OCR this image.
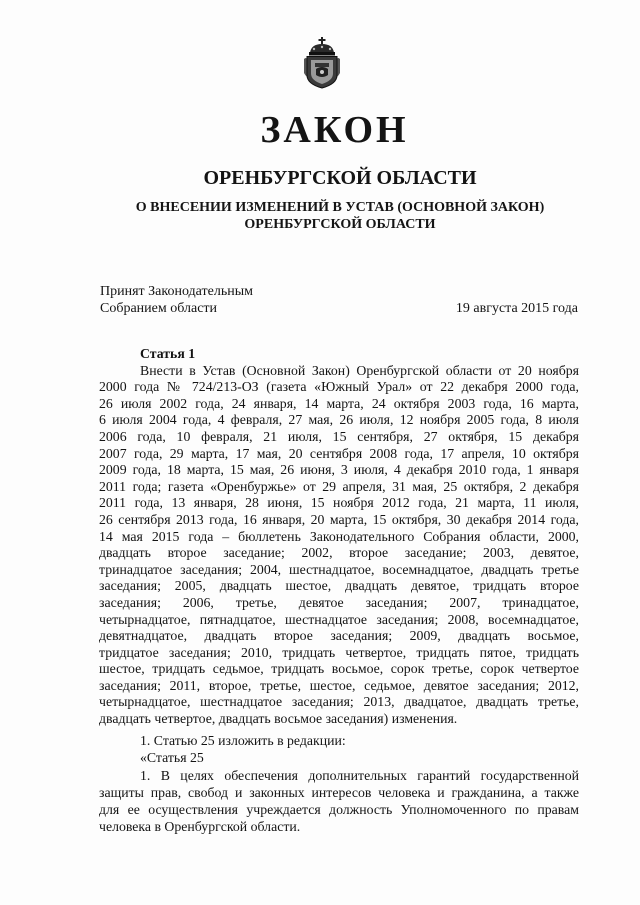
ЗАКОН
ОРЕНБУРГСКОЙ ОБЛАСТИ
О ВНЕСЕНИИ ИЗМЕНЕНИЙ В УСТАВ (ОСНОВНОЙ ЗАКОН)
ОРЕНБУРГСКОЙ ОБЛАСТИ
Принят Законодательным
Собранием области	19 августа 2015 года
Статья 1
Внести в Устав (Основной Закон) Оренбургской области от 20 ноября
2000 года № 724/213-ОЗ (газета «Южный Урал» от 22 декабря 2000 года,
26 июля 2002 года, 24 января, 14 марта, 24 октября 2003 года, 16 марта,
6 июля 2004 года, 4 февраля, 27 мая, 26 июля, 12 ноября 2005 года, 8 июля
2006 года, 10 февраля, 21 июля, 15 сентября, 27 октября, 15 декабря
2007 года, 29 марта, 17 мая, 20 сентября 2008 года, 17 апреля, 10 октября
2009 года, 18 марта, 15 мая, 26 июня, 3 июля, 4 декабря 2010 года, 1 января
2011 года; газета «Оренбуржье» от 29 апреля, 31 мая, 25 октября, 2 декабря
2011 года, 13 января, 28 июня, 15 ноября 2012 года, 21 марта, 11 июля,
26 сентября 2013 года, 16 января, 20 марта, 15 октября, 30 декабря 2014 года,
14 мая 2015 года – бюллетень Законодательного Собрания области, 2000,
двадцать второе заседание; 2002, второе заседание; 2003, девятое,
тринадцатое заседания; 2004, шестнадцатое, восемнадцатое, двадцать третье
заседания; 2005, двадцать шестое, двадцать девятое, тридцать второе
заседания; 2006, третье, девятое заседания; 2007, тринадцатое,
четырнадцатое, пятнадцатое, шестнадцатое заседания; 2008, восемнадцатое,
девятнадцатое, двадцать второе заседания; 2009, двадцать восьмое,
тридцатое заседания; 2010, тридцать четвертое, тридцать пятое, тридцать
шестое, тридцать седьмое, тридцать восьмое, сорок третье, сорок четвертое
заседания; 2011, второе, третье, шестое, седьмое, девятое заседания; 2012,
четырнадцатое, шестнадцатое заседания; 2013, двадцатое, двадцать третье,
двадцать четвертое, двадцать восьмое заседания) изменения.
1. Статью 25 изложить в редакции:
«Статья 25
1. В целях обеспечения дополнительных гарантий государственной
защиты прав, свобод и законных интересов человека и гражданина, а также
для ее осуществления учреждается должность Уполномоченного по правам
человека в Оренбургской области.
